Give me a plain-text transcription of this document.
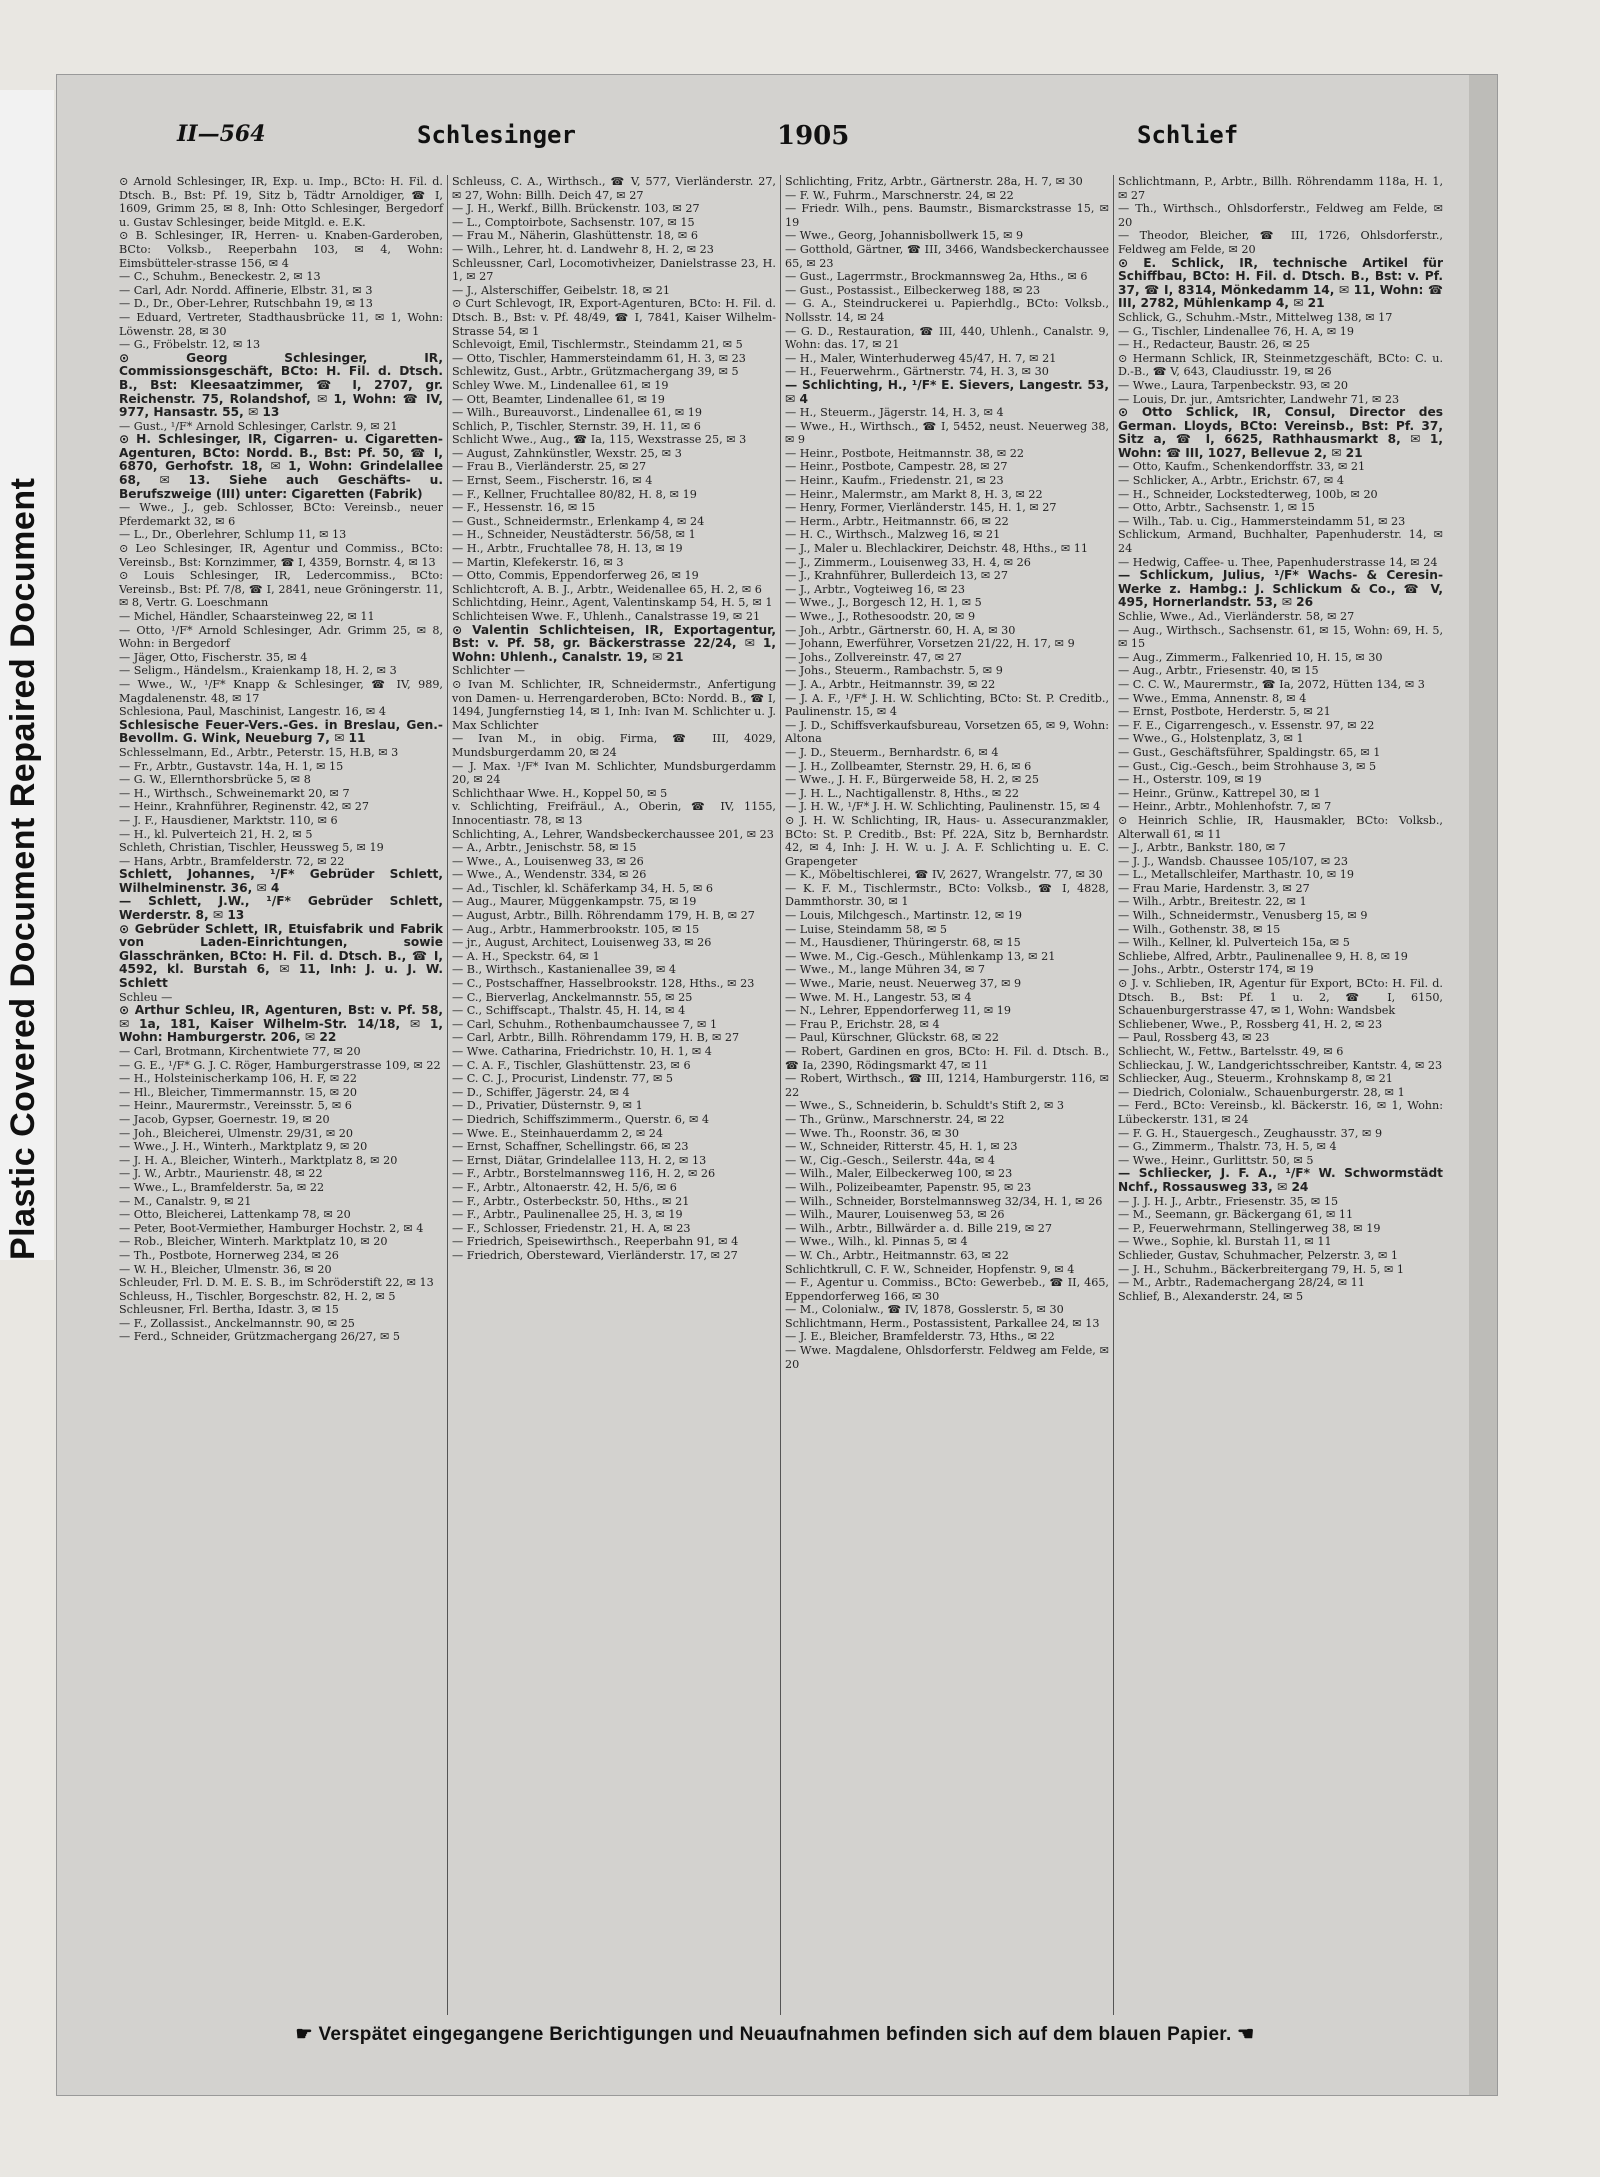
Plastic Covered Document Repaired Document
II—564	Schlesinger	1905	Schlief

⊙ Arnold Schlesinger, IR, Exp. u. Imp., BCto: H. Fil. d. Dtsch. B., Bst: Pf. 19, Sitz b, Tädtr Arnoldiger, ☎ I, 1609, Grimm 25, ✉ 8, Inh: Otto Schlesinger, Bergedorf u. Gustav Schlesinger, beide Mitgld. e. E.K.

⊙ B. Schlesinger, IR, Herren- u. Knaben-Garderoben, BCto: Volksb., Reeperbahn 103, ✉ 4, Wohn: Eimsbütteler-strasse 156, ✉ 4

— C., Schuhm., Beneckestr. 2, ✉ 13

— Carl, Adr. Nordd. Affinerie, Elbstr. 31, ✉ 3

— D., Dr., Ober-Lehrer, Rutschbahn 19, ✉ 13

— Eduard, Vertreter, Stadthausbrücke 11, ✉ 1, Wohn: Löwenstr. 28, ✉ 30

— G., Fröbelstr. 12, ✉ 13

⊙ Georg Schlesinger, IR, Commissionsgeschäft, BCto: H. Fil. d. Dtsch. B., Bst: Kleesaatzimmer, ☎ I, 2707, gr. Reichenstr. 75, Rolandshof, ✉ 1, Wohn: ☎ IV, 977, Hansastr. 55, ✉ 13

— Gust., ¹/F* Arnold Schlesinger, Carlstr. 9, ✉ 21

⊙ H. Schlesinger, IR, Cigarren- u. Cigaretten-Agenturen, BCto: Nordd. B., Bst: Pf. 50, ☎ I, 6870, Gerhofstr. 18, ✉ 1, Wohn: Grindelallee 68, ✉ 13. Siehe auch Geschäfts- u. Berufszweige (III) unter: Cigaretten (Fabrik)

— Wwe., J., geb. Schlosser, BCto: Vereinsb., neuer Pferdemarkt 32, ✉ 6

— L., Dr., Oberlehrer, Schlump 11, ✉ 13

⊙ Leo Schlesinger, IR, Agentur und Commiss., BCto: Vereinsb., Bst: Kornzimmer, ☎ I, 4359, Bornstr. 4, ✉ 13

⊙ Louis Schlesinger, IR, Ledercommiss., BCto: Vereinsb., Bst: Pf. 7/8, ☎ I, 2841, neue Gröningerstr. 11, ✉ 8, Vertr. G. Loeschmann

— Michel, Händler, Schaarsteinweg 22, ✉ 11

— Otto, ¹/F* Arnold Schlesinger, Adr. Grimm 25, ✉ 8, Wohn: in Bergedorf

— Jäger, Otto, Fischerstr. 35, ✉ 4

— Seligm., Händelsm., Kraienkamp 18, H. 2, ✉ 3

— Wwe., W., ¹/F* Knapp & Schlesinger, ☎ IV, 989, Magdalenenstr. 48, ✉ 17

Schlesiona, Paul, Maschinist, Langestr. 16, ✉ 4

Schlesische Feuer-Vers.-Ges. in Breslau, Gen.-Bevollm. G. Wink, Neueburg 7, ✉ 11

Schlesselmann, Ed., Arbtr., Peterstr. 15, H.B, ✉ 3

— Fr., Arbtr., Gustavstr. 14a, H. 1, ✉ 15

— G. W., Ellernthorsbrücke 5, ✉ 8

— H., Wirthsch., Schweinemarkt 20, ✉ 7

— Heinr., Krahnführer, Reginenstr. 42, ✉ 27

— J. F., Hausdiener, Marktstr. 110, ✉ 6

— H., kl. Pulverteich 21, H. 2, ✉ 5

Schleth, Christian, Tischler, Heussweg 5, ✉ 19

— Hans, Arbtr., Bramfelderstr. 72, ✉ 22

Schlett, Johannes, ¹/F* Gebrüder Schlett, Wilhelminenstr. 36, ✉ 4

— Schlett, J.W., ¹/F* Gebrüder Schlett, Werderstr. 8, ✉ 13

⊙ Gebrüder Schlett, IR, Etuisfabrik und Fabrik von Laden-Einrichtungen, sowie Glasschränken, BCto: H. Fil. d. Dtsch. B., ☎ I, 4592, kl. Burstah 6, ✉ 11, Inh: J. u. J. W. Schlett

Schleu —

⊙ Arthur Schleu, IR, Agenturen, Bst: v. Pf. 58, ✉ 1a, 181, Kaiser Wilhelm-Str. 14/18, ✉ 1, Wohn: Hamburgerstr. 206, ✉ 22

— Carl, Brotmann, Kirchentwiete 77, ✉ 20

— G. E., ¹/F* G. J. C. Röger, Hamburgerstrasse 109, ✉ 22

— H., Holsteinischerkamp 106, H. F, ✉ 22

— Hl., Bleicher, Timmermannstr. 15, ✉ 20

— Heinr., Maurermstr., Vereinsstr. 5, ✉ 6

— Jacob, Gypser, Goernestr. 19, ✉ 20

— Joh., Bleicherei, Ulmenstr. 29/31, ✉ 20

— Wwe., J. H., Winterh., Marktplatz 9, ✉ 20

— J. H. A., Bleicher, Winterh., Marktplatz 8, ✉ 20

— J. W., Arbtr., Maurienstr. 48, ✉ 22

— Wwe., L., Bramfelderstr. 5a, ✉ 22

— M., Canalstr. 9, ✉ 21

— Otto, Bleicherei, Lattenkamp 78, ✉ 20

— Peter, Boot-Vermiether, Hamburger Hochstr. 2, ✉ 4

— Rob., Bleicher, Winterh. Marktplatz 10, ✉ 20

— Th., Postbote, Hornerweg 234, ✉ 26

— W. H., Bleicher, Ulmenstr. 36, ✉ 20

Schleuder, Frl. D. M. E. S. B., im Schröderstift 22, ✉ 13

Schleuss, H., Tischler, Borgeschstr. 82, H. 2, ✉ 5

Schleusner, Frl. Bertha, Idastr. 3, ✉ 15

— F., Zollassist., Anckelmannstr. 90, ✉ 25

— Ferd., Schneider, Grützmachergang 26/27, ✉ 5

Schleuss, C. A., Wirthsch., ☎ V, 577, Vierländerstr. 27, ✉ 27, Wohn: Billh. Deich 47, ✉ 27

— J. H., Werkf., Billh. Brückenstr. 103, ✉ 27

— L., Comptoirbote, Sachsenstr. 107, ✉ 15

— Frau M., Näherin, Glashüttenstr. 18, ✉ 6

— Wilh., Lehrer, ht. d. Landwehr 8, H. 2, ✉ 23

Schleussner, Carl, Locomotivheizer, Danielstrasse 23, H. 1, ✉ 27

— J., Alsterschiffer, Geibelstr. 18, ✉ 21

⊙ Curt Schlevogt, IR, Export-Agenturen, BCto: H. Fil. d. Dtsch. B., Bst: v. Pf. 48/49, ☎ I, 7841, Kaiser Wilhelm-Strasse 54, ✉ 1

Schlevoigt, Emil, Tischlermstr., Steindamm 21, ✉ 5

— Otto, Tischler, Hammersteindamm 61, H. 3, ✉ 23

Schlewitz, Gust., Arbtr., Grützmachergang 39, ✉ 5

Schley Wwe. M., Lindenallee 61, ✉ 19

— Ott, Beamter, Lindenallee 61, ✉ 19

— Wilh., Bureauvorst., Lindenallee 61, ✉ 19

Schlich, P., Tischler, Sternstr. 39, H. 11, ✉ 6

Schlicht Wwe., Aug., ☎ Ia, 115, Wexstrasse 25, ✉ 3

— August, Zahnkünstler, Wexstr. 25, ✉ 3

— Frau B., Vierländerstr. 25, ✉ 27

— Ernst, Seem., Fischerstr. 16, ✉ 4

— F., Kellner, Fruchtallee 80/82, H. 8, ✉ 19

— F., Hessenstr. 16, ✉ 15

— Gust., Schneidermstr., Erlenkamp 4, ✉ 24

— H., Schneider, Neustädterstr. 56/58, ✉ 1

— H., Arbtr., Fruchtallee 78, H. 13, ✉ 19

— Martin, Klefekerstr. 16, ✉ 3

— Otto, Commis, Eppendorferweg 26, ✉ 19

Schlichtcroft, A. B. J., Arbtr., Weidenallee 65, H. 2, ✉ 6

Schlichtding, Heinr., Agent, Valentinskamp 54, H. 5, ✉ 1

Schlichteisen Wwe. F., Uhlenh., Canalstrasse 19, ✉ 21

⊙ Valentin Schlichteisen, IR, Exportagentur, Bst: v. Pf. 58, gr. Bäckerstrasse 22/24, ✉ 1, Wohn: Uhlenh., Canalstr. 19, ✉ 21

Schlichter —

⊙ Ivan M. Schlichter, IR, Schneidermstr., Anfertigung von Damen- u. Herrengarderoben, BCto: Nordd. B., ☎ I, 1494, Jungfernstieg 14, ✉ 1, Inh: Ivan M. Schlichter u. J. Max Schlichter

— Ivan M., in obig. Firma, ☎ III, 4029, Mundsburgerdamm 20, ✉ 24

— J. Max. ¹/F* Ivan M. Schlichter, Mundsburgerdamm 20, ✉ 24

Schlichthaar Wwe. H., Koppel 50, ✉ 5

v. Schlichting, Freifräul., A., Oberin, ☎ IV, 1155, Innocentiastr. 78, ✉ 13

Schlichting, A., Lehrer, Wandsbeckerchaussee 201, ✉ 23

— A., Arbtr., Jenischstr. 58, ✉ 15

— Wwe., A., Louisenweg 33, ✉ 26

— Wwe., A., Wendenstr. 334, ✉ 26

— Ad., Tischler, kl. Schäferkamp 34, H. 5, ✉ 6

— Aug., Maurer, Müggenkampstr. 75, ✉ 19

— August, Arbtr., Billh. Röhrendamm 179, H. B, ✉ 27

— Aug., Arbtr., Hammerbrookstr. 105, ✉ 15

— jr., August, Architect, Louisenweg 33, ✉ 26

— A. H., Speckstr. 64, ✉ 1

— B., Wirthsch., Kastanienallee 39, ✉ 4

— C., Postschaffner, Hasselbrookstr. 128, Hths., ✉ 23

— C., Bierverlag, Anckelmannstr. 55, ✉ 25

— C., Schiffscapt., Thalstr. 45, H. 14, ✉ 4

— Carl, Schuhm., Rothenbaumchaussee 7, ✉ 1

— Carl, Arbtr., Billh. Röhrendamm 179, H. B, ✉ 27

— Wwe. Catharina, Friedrichstr. 10, H. 1, ✉ 4

— C. A. F., Tischler, Glashüttenstr. 23, ✉ 6

— C. C. J., Procurist, Lindenstr. 77, ✉ 5

— D., Schiffer, Jägerstr. 24, ✉ 4

— D., Privatier, Düsternstr. 9, ✉ 1

— Diedrich, Schiffszimmerm., Querstr. 6, ✉ 4

— Wwe. E., Steinhauerdamm 2, ✉ 24

— Ernst, Schaffner, Schellingstr. 66, ✉ 23

— Ernst, Diätar, Grindelallee 113, H. 2, ✉ 13

— F., Arbtr., Borstelmannsweg 116, H. 2, ✉ 26

— F., Arbtr., Altonaerstr. 42, H. 5/6, ✉ 6

— F., Arbtr., Osterbeckstr. 50, Hths., ✉ 21

— F., Arbtr., Paulinenallee 25, H. 3, ✉ 19

— F., Schlosser, Friedenstr. 21, H. A, ✉ 23

— Friedrich, Speisewirthsch., Reeperbahn 91, ✉ 4

— Friedrich, Obersteward, Vierländerstr. 17, ✉ 27

Schlichting, Fritz, Arbtr., Gärtnerstr. 28a, H. 7, ✉ 30

— F. W., Fuhrm., Marschnerstr. 24, ✉ 22

— Friedr. Wilh., pens. Baumstr., Bismarckstrasse 15, ✉ 19

— Wwe., Georg, Johannisbollwerk 15, ✉ 9

— Gotthold, Gärtner, ☎ III, 3466, Wandsbeckerchaussee 65, ✉ 23

— Gust., Lagerrmstr., Brockmannsweg 2a, Hths., ✉ 6

— Gust., Postassist., Eilbeckerweg 188, ✉ 23

— G. A., Steindruckerei u. Papierhdlg., BCto: Volksb., Nollsstr. 14, ✉ 24

— G. D., Restauration, ☎ III, 440, Uhlenh., Canalstr. 9, Wohn: das. 17, ✉ 21

— H., Maler, Winterhuderweg 45/47, H. 7, ✉ 21

— H., Feuerwehrm., Gärtnerstr. 74, H. 3, ✉ 30

— Schlichting, H., ¹/F* E. Sievers, Langestr. 53, ✉ 4

— H., Steuerm., Jägerstr. 14, H. 3, ✉ 4

— Wwe., H., Wirthsch., ☎ I, 5452, neust. Neuerweg 38, ✉ 9

— Heinr., Postbote, Heitmannstr. 38, ✉ 22

— Heinr., Postbote, Campestr. 28, ✉ 27

— Heinr., Kaufm., Friedenstr. 21, ✉ 23

— Heinr., Malermstr., am Markt 8, H. 3, ✉ 22

— Henry, Former, Vierländerstr. 145, H. 1, ✉ 27

— Herm., Arbtr., Heitmannstr. 66, ✉ 22

— H. C., Wirthsch., Malzweg 16, ✉ 21

— J., Maler u. Blechlackirer, Deichstr. 48, Hths., ✉ 11

— J., Zimmerm., Louisenweg 33, H. 4, ✉ 26

— J., Krahnführer, Bullerdeich 13, ✉ 27

— J., Arbtr., Vogteiweg 16, ✉ 23

— Wwe., J., Borgesch 12, H. 1, ✉ 5

— Wwe., J., Rothesoodstr. 20, ✉ 9

— Joh., Arbtr., Gärtnerstr. 60, H. A, ✉ 30

— Johann, Ewerführer, Vorsetzen 21/22, H. 17, ✉ 9

— Johs., Zollvereinstr. 47, ✉ 27

— Johs., Steuerm., Rambachstr. 5, ✉ 9

— J. A., Arbtr., Heitmannstr. 39, ✉ 22

— J. A. F., ¹/F* J. H. W. Schlichting, BCto: St. P. Creditb., Paulinenstr. 15, ✉ 4

— J. D., Schiffsverkaufsbureau, Vorsetzen 65, ✉ 9, Wohn: Altona

— J. D., Steuerm., Bernhardstr. 6, ✉ 4

— J. H., Zollbeamter, Sternstr. 29, H. 6, ✉ 6

— Wwe., J. H. F., Bürgerweide 58, H. 2, ✉ 25

— J. H. L., Nachtigallenstr. 8, Hths., ✉ 22

— J. H. W., ¹/F* J. H. W. Schlichting, Paulinenstr. 15, ✉ 4

⊙ J. H. W. Schlichting, IR, Haus- u. Assecuranzmakler, BCto: St. P. Creditb., Bst: Pf. 22A, Sitz b, Bernhardstr. 42, ✉ 4, Inh: J. H. W. u. J. A. F. Schlichting u. E. C. Grapengeter

— K., Möbeltischlerei, ☎ IV, 2627, Wrangelstr. 77, ✉ 30

— K. F. M., Tischlermstr., BCto: Volksb., ☎ I, 4828, Dammthorstr. 30, ✉ 1

— Louis, Milchgesch., Martinstr. 12, ✉ 19

— Luise, Steindamm 58, ✉ 5

— M., Hausdiener, Thüringerstr. 68, ✉ 15

— Wwe. M., Cig.-Gesch., Mühlenkamp 13, ✉ 21

— Wwe., M., lange Mühren 34, ✉ 7

— Wwe., Marie, neust. Neuerweg 37, ✉ 9

— Wwe. M. H., Langestr. 53, ✉ 4

— N., Lehrer, Eppendorferweg 11, ✉ 19

— Frau P., Erichstr. 28, ✉ 4

— Paul, Kürschner, Glückstr. 68, ✉ 22

— Robert, Gardinen en gros, BCto: H. Fil. d. Dtsch. B., ☎ Ia, 2390, Rödingsmarkt 47, ✉ 11

— Robert, Wirthsch., ☎ III, 1214, Hamburgerstr. 116, ✉ 22

— Wwe., S., Schneiderin, b. Schuldt's Stift 2, ✉ 3

— Th., Grünw., Marschnerstr. 24, ✉ 22

— Wwe. Th., Roonstr. 36, ✉ 30

— W., Schneider, Ritterstr. 45, H. 1, ✉ 23

— W., Cig.-Gesch., Seilerstr. 44a, ✉ 4

— Wilh., Maler, Eilbeckerweg 100, ✉ 23

— Wilh., Polizeibeamter, Papenstr. 95, ✉ 23

— Wilh., Schneider, Borstelmannsweg 32/34, H. 1, ✉ 26

— Wilh., Maurer, Louisenweg 53, ✉ 26

— Wilh., Arbtr., Billwärder a. d. Bille 219, ✉ 27

— Wwe., Wilh., kl. Pinnas 5, ✉ 4

— W. Ch., Arbtr., Heitmannstr. 63, ✉ 22

Schlichtkrull, C. F. W., Schneider, Hopfenstr. 9, ✉ 4

— F., Agentur u. Commiss., BCto: Gewerbeb., ☎ II, 465, Eppendorferweg 166, ✉ 30

— M., Colonialw., ☎ IV, 1878, Gosslerstr. 5, ✉ 30

Schlichtmann, Herm., Postassistent, Parkallee 24, ✉ 13

— J. E., Bleicher, Bramfelderstr. 73, Hths., ✉ 22

— Wwe. Magdalene, Ohlsdorferstr. Feldweg am Felde, ✉ 20

Schlichtmann, P., Arbtr., Billh. Röhrendamm 118a, H. 1, ✉ 27

— Th., Wirthsch., Ohlsdorferstr., Feldweg am Felde, ✉ 20

— Theodor, Bleicher, ☎ III, 1726, Ohlsdorferstr., Feldweg am Felde, ✉ 20

⊙ E. Schlick, IR, technische Artikel für Schiffbau, BCto: H. Fil. d. Dtsch. B., Bst: v. Pf. 37, ☎ I, 8314, Mönkedamm 14, ✉ 11, Wohn: ☎ III, 2782, Mühlenkamp 4, ✉ 21

Schlick, G., Schuhm.-Mstr., Mittelweg 138, ✉ 17

— G., Tischler, Lindenallee 76, H. A, ✉ 19

— H., Redacteur, Baustr. 26, ✉ 25

⊙ Hermann Schlick, IR, Steinmetzgeschäft, BCto: C. u. D.-B., ☎ V, 643, Claudiusstr. 19, ✉ 26

— Wwe., Laura, Tarpenbeckstr. 93, ✉ 20

— Louis, Dr. jur., Amtsrichter, Landwehr 71, ✉ 23

⊙ Otto Schlick, IR, Consul, Director des German. Lloyds, BCto: Vereinsb., Bst: Pf. 37, Sitz a, ☎ I, 6625, Rathhausmarkt 8, ✉ 1, Wohn: ☎ III, 1027, Bellevue 2, ✉ 21

— Otto, Kaufm., Schenkendorffstr. 33, ✉ 21

— Schlicker, A., Arbtr., Erichstr. 67, ✉ 4

— H., Schneider, Lockstedterweg, 100b, ✉ 20

— Otto, Arbtr., Sachsenstr. 1, ✉ 15

— Wilh., Tab. u. Cig., Hammersteindamm 51, ✉ 23

Schlickum, Armand, Buchhalter, Papenhuderstr. 14, ✉ 24

— Hedwig, Caffee- u. Thee, Papenhuderstrasse 14, ✉ 24

— Schlickum, Julius, ¹/F* Wachs- & Ceresin-Werke z. Hambg.: J. Schlickum & Co., ☎ V, 495, Hornerlandstr. 53, ✉ 26

Schlie, Wwe., Ad., Vierländerstr. 58, ✉ 27

— Aug., Wirthsch., Sachsenstr. 61, ✉ 15, Wohn: 69, H. 5, ✉ 15

— Aug., Zimmerm., Falkenried 10, H. 15, ✉ 30

— Aug., Arbtr., Friesenstr. 40, ✉ 15

— C. C. W., Maurermstr., ☎ Ia, 2072, Hütten 134, ✉ 3

— Wwe., Emma, Annenstr. 8, ✉ 4

— Ernst, Postbote, Herderstr. 5, ✉ 21

— F. E., Cigarrengesch., v. Essenstr. 97, ✉ 22

— Wwe., G., Holstenplatz, 3, ✉ 1

— Gust., Geschäftsführer, Spaldingstr. 65, ✉ 1

— Gust., Cig.-Gesch., beim Strohhause 3, ✉ 5

— H., Osterstr. 109, ✉ 19

— Heinr., Grünw., Kattrepel 30, ✉ 1

— Heinr., Arbtr., Mohlenhofstr. 7, ✉ 7

⊙ Heinrich Schlie, IR, Hausmakler, BCto: Volksb., Alterwall 61, ✉ 11

— J., Arbtr., Bankstr. 180, ✉ 7

— J. J., Wandsb. Chaussee 105/107, ✉ 23

— L., Metallschleifer, Marthastr. 10, ✉ 19

— Frau Marie, Hardenstr. 3, ✉ 27

— Wilh., Arbtr., Breitestr. 22, ✉ 1

— Wilh., Schneidermstr., Venusberg 15, ✉ 9

— Wilh., Gothenstr. 38, ✉ 15

— Wilh., Kellner, kl. Pulverteich 15a, ✉ 5

Schliebe, Alfred, Arbtr., Paulinenallee 9, H. 8, ✉ 19

— Johs., Arbtr., Osterstr 174, ✉ 19

⊙ J. v. Schlieben, IR, Agentur für Export, BCto: H. Fil. d. Dtsch. B., Bst: Pf. 1 u. 2, ☎ I, 6150, Schauenburgerstrasse 47, ✉ 1, Wohn: Wandsbek

Schliebener, Wwe., P., Rossberg 41, H. 2, ✉ 23

— Paul, Rossberg 43, ✉ 23

Schliecht, W., Fettw., Bartelsstr. 49, ✉ 6

Schlieckau, J. W., Landgerichtsschreiber, Kantstr. 4, ✉ 23

Schliecker, Aug., Steuerm., Krohnskamp 8, ✉ 21

— Diedrich, Colonialw., Schauenburgerstr. 28, ✉ 1

— Ferd., BCto: Vereinsb., kl. Bäckerstr. 16, ✉ 1, Wohn: Lübeckerstr. 131, ✉ 24

— F. G. H., Stauergesch., Zeughausstr. 37, ✉ 9

— G., Zimmerm., Thalstr. 73, H. 5, ✉ 4

— Wwe., Heinr., Gurlittstr. 50, ✉ 5

— Schliecker, J. F. A., ¹/F* W. Schwormstädt Nchf., Rossausweg 33, ✉ 24

— J. J. H. J., Arbtr., Friesenstr. 35, ✉ 15

— M., Seemann, gr. Bäckergang 61, ✉ 11

— P., Feuerwehrmann, Stellingerweg 38, ✉ 19

— Wwe., Sophie, kl. Burstah 11, ✉ 11

Schlieder, Gustav, Schuhmacher, Pelzerstr. 3, ✉ 1

— J. H., Schuhm., Bäckerbreitergang 79, H. 5, ✉ 1

— M., Arbtr., Rademachergang 28/24, ✉ 11

Schlief, B., Alexanderstr. 24, ✉ 5

☛ Verspätet eingegangene Berichtigungen und Neuaufnahmen befinden sich auf dem blauen Papier. ☚
